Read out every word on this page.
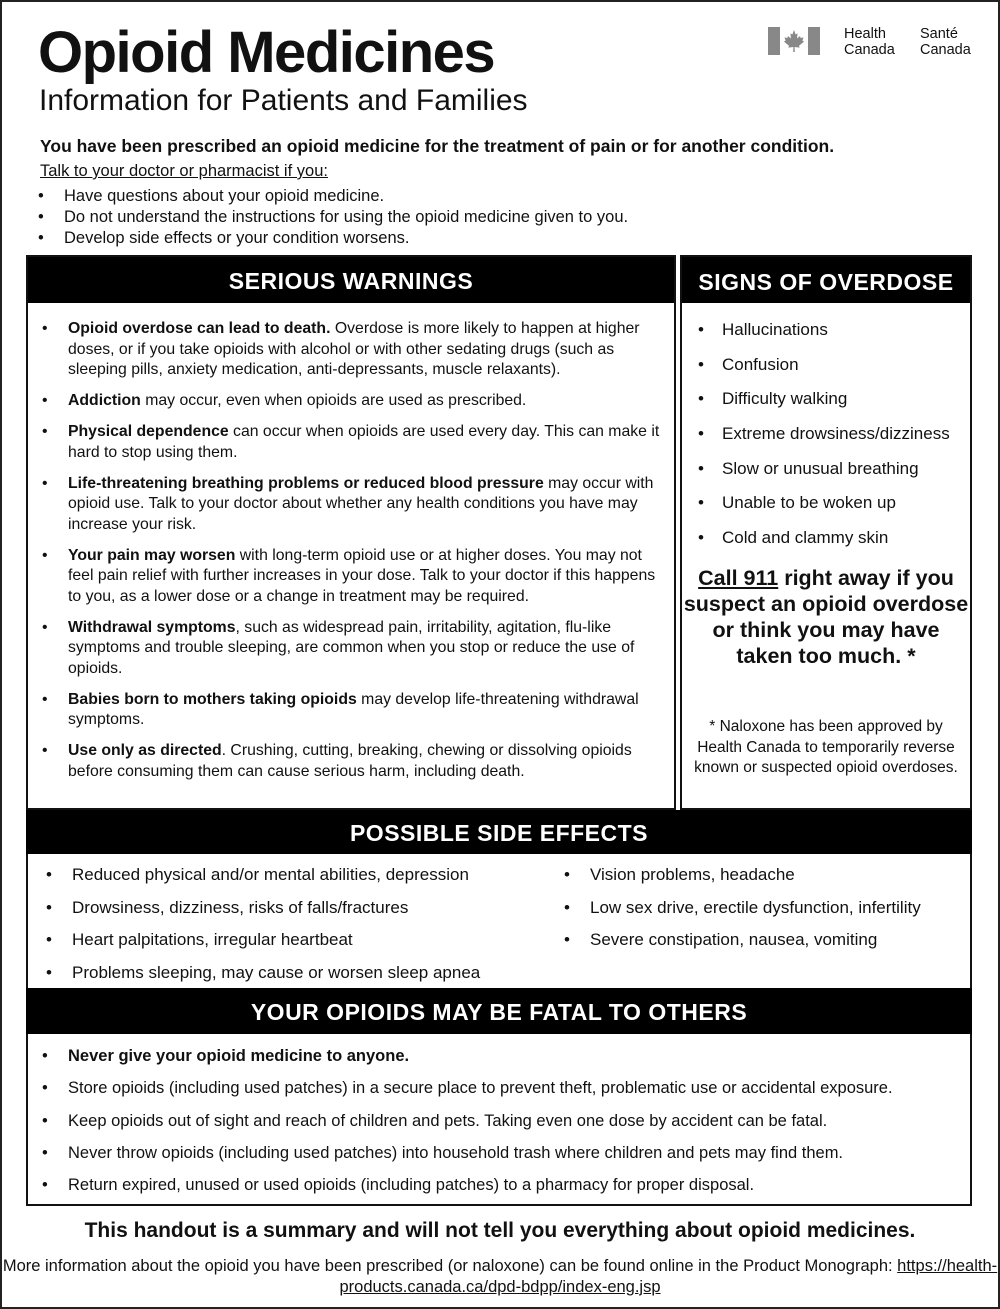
Opioid Medicines
Information for Patients and Families
Health
Canada
Santé
Canada
You have been prescribed an opioid medicine for the treatment of pain or for another condition.
Talk to your doctor or pharmacist if you:
• Have questions about your opioid medicine.
• Do not understand the instructions for using the opioid medicine given to you.
• Develop side effects or your condition worsens.
SERIOUS WARNINGS
• Opioid overdose can lead to death. Overdose is more likely to happen at higher doses, or if you take opioids with alcohol or with other sedating drugs (such as sleeping pills, anxiety medication, anti-depressants, muscle relaxants).
• Addiction may occur, even when opioids are used as prescribed.
• Physical dependence can occur when opioids are used every day. This can make it hard to stop using them.
• Life-threatening breathing problems or reduced blood pressure may occur with opioid use. Talk to your doctor about whether any health conditions you have may increase your risk.
• Your pain may worsen with long-term opioid use or at higher doses. You may not feel pain relief with further increases in your dose. Talk to your doctor if this happens to you, as a lower dose or a change in treatment may be required.
• Withdrawal symptoms, such as widespread pain, irritability, agitation, flu-like symptoms and trouble sleeping, are common when you stop or reduce the use of opioids.
• Babies born to mothers taking opioids may develop life-threatening withdrawal symptoms.
• Use only as directed. Crushing, cutting, breaking, chewing or dissolving opioids before consuming them can cause serious harm, including death.
SIGNS OF OVERDOSE
• Hallucinations
• Confusion
• Difficulty walking
• Extreme drowsiness/dizziness
• Slow or unusual breathing
• Unable to be woken up
• Cold and clammy skin
Call 911 right away if you suspect an opioid overdose or think you may have taken too much. *
* Naloxone has been approved by Health Canada to temporarily reverse known or suspected opioid overdoses.
POSSIBLE SIDE EFFECTS
• Reduced physical and/or mental abilities, depression
• Drowsiness, dizziness, risks of falls/fractures
• Heart palpitations, irregular heartbeat
• Problems sleeping, may cause or worsen sleep apnea
• Vision problems, headache
• Low sex drive, erectile dysfunction, infertility
• Severe constipation, nausea, vomiting
YOUR OPIOIDS MAY BE FATAL TO OTHERS
• Never give your opioid medicine to anyone.
• Store opioids (including used patches) in a secure place to prevent theft, problematic use or accidental exposure.
• Keep opioids out of sight and reach of children and pets. Taking even one dose by accident can be fatal.
• Never throw opioids (including used patches) into household trash where children and pets may find them.
• Return expired, unused or used opioids (including patches) to a pharmacy for proper disposal.
This handout is a summary and will not tell you everything about opioid medicines.
More information about the opioid you have been prescribed (or naloxone) can be found online in the Product Monograph: https://health-products.canada.ca/dpd-bdpp/index-eng.jsp
